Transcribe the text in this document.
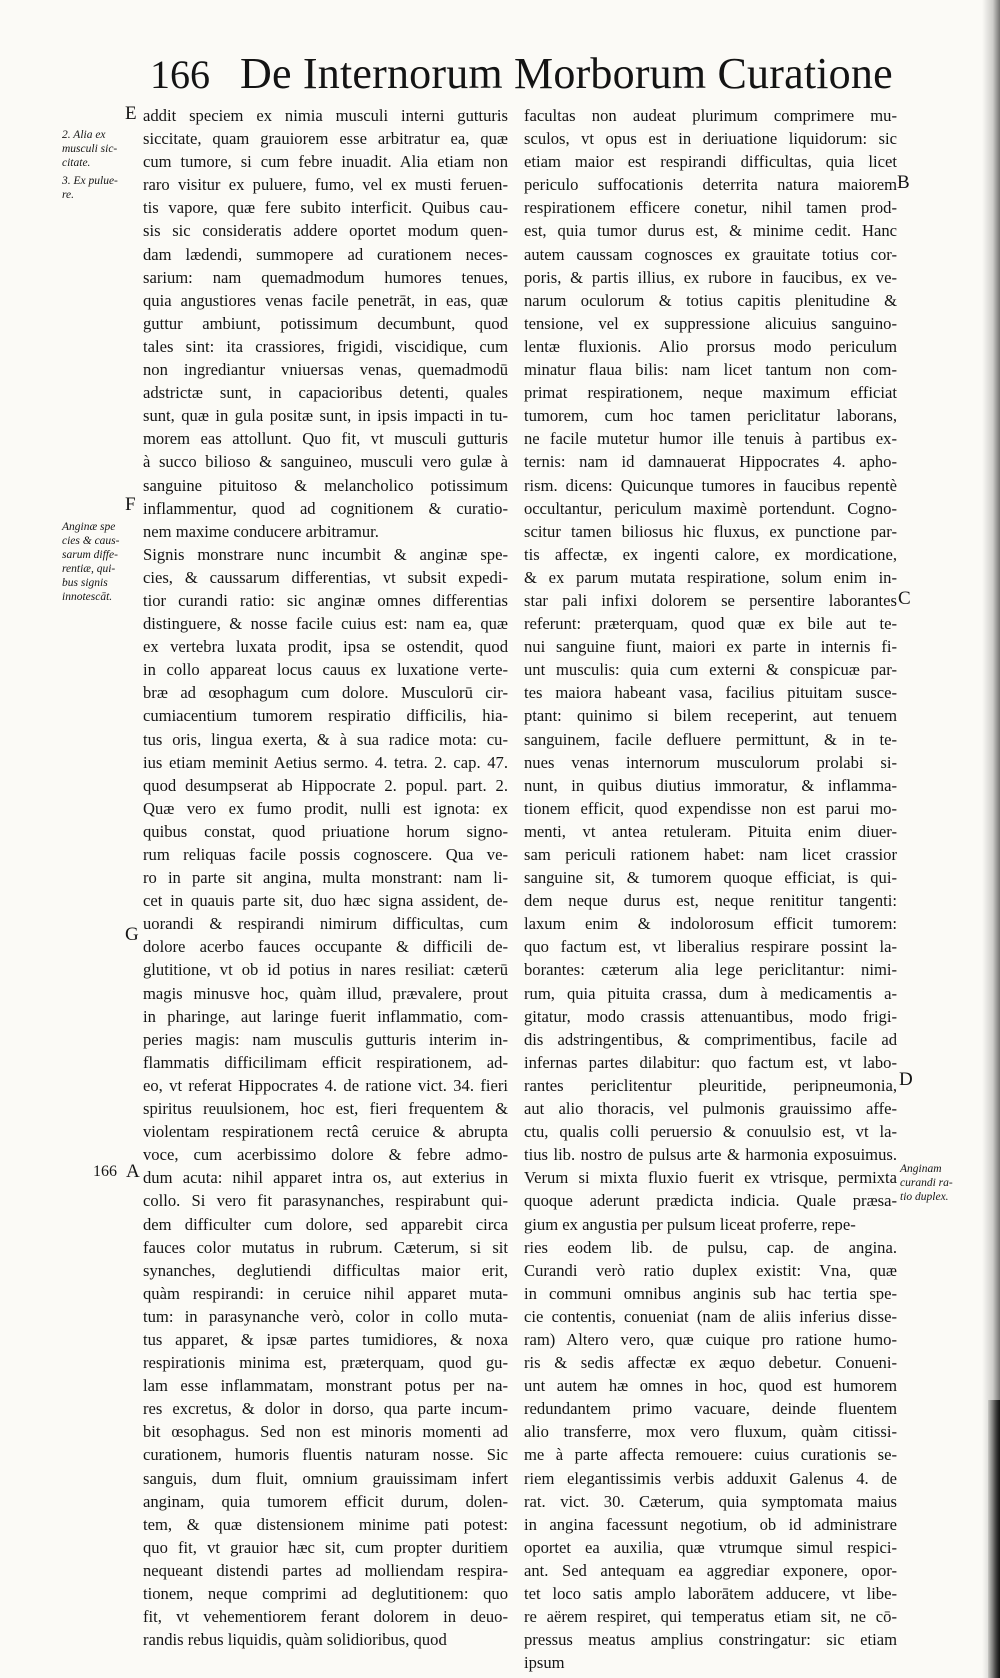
166 De Internorum Morborum Curatione
E
F
G
166 A
B
C
D
2. Alia ex
musculi sic-
citate.
3. Ex pulue-
re.
Anginæ spe
cies & caus-
sarum diffe-
rentiæ, qui-
bus signis
innotescāt.
Anginam
curandi ra-
tio duplex.
addit speciem ex nimia musculi interni gutturis
siccitate, quam grauiorem esse arbitratur ea, quæ
cum tumore, si cum febre inuadit. Alia etiam non
raro visitur ex puluere, fumo, vel ex musti feruen-
tis vapore, quæ fere subito interficit. Quibus cau-
sis sic consideratis addere oportet modum quen-
dam lædendi, summopere ad curationem neces-
sarium: nam quemadmodum humores tenues,
quia angustiores venas facile penetrāt, in eas, quæ
guttur ambiunt, potissimum decumbunt, quod
tales sint: ita crassiores, frigidi, viscidique, cum
non ingrediantur vniuersas venas, quemadmodū
adstrictæ sunt, in capacioribus detenti, quales
sunt, quæ in gula positæ sunt, in ipsis impacti in tu-
morem eas attollunt. Quo fit, vt musculi gutturis
à succo bilioso & sanguineo, musculi vero gulæ à
sanguine pituitoso & melancholico potissimum
inflammentur, quod ad cognitionem & curatio-
nem maxime conducere arbitramur.
Signis monstrare nunc incumbit & anginæ spe-
cies, & caussarum differentias, vt subsit expedi-
tior curandi ratio: sic anginæ omnes differentias
distinguere, & nosse facile cuius est: nam ea, quæ
ex vertebra luxata prodit, ipsa se ostendit, quod
in collo appareat locus cauus ex luxatione verte-
bræ ad œsophagum cum dolore. Musculorū cir-
cumiacentium tumorem respiratio difficilis, hia-
tus oris, lingua exerta, & à sua radice mota: cu-
ius etiam meminit Aetius sermo. 4. tetra. 2. cap. 47.
quod desumpserat ab Hippocrate 2. popul. part. 2.
Quæ vero ex fumo prodit, nulli est ignota: ex
quibus constat, quod priuatione horum signo-
rum reliquas facile possis cognoscere. Qua ve-
ro in parte sit angina, multa monstrant: nam li-
cet in quauis parte sit, duo hæc signa assident, de-
uorandi & respirandi nimirum difficultas, cum
dolore acerbo fauces occupante & difficili de-
glutitione, vt ob id potius in nares resiliat: cæterū
magis minusve hoc, quàm illud, prævalere, prout
in pharinge, aut laringe fuerit inflammatio, com-
peries magis: nam musculis gutturis interim in-
flammatis difficilimam efficit respirationem, ad-
eo, vt referat Hippocrates 4. de ratione vict. 34. fieri
spiritus reuulsionem, hoc est, fieri frequentem &
violentam respirationem rectâ ceruice & abrupta
voce, cum acerbissimo dolore & febre admo-
dum acuta: nihil apparet intra os, aut exterius in
collo. Si vero fit parasynanches, respirabunt qui-
dem difficulter cum dolore, sed apparebit circa
fauces color mutatus in rubrum. Cæterum, si sit
synanches, deglutiendi difficultas maior erit,
quàm respirandi: in ceruice nihil apparet muta-
tum: in parasynanche verò, color in collo muta-
tus apparet, & ipsæ partes tumidiores, & noxa
respirationis minima est, præterquam, quod gu-
lam esse inflammatam, monstrant potus per na-
res excretus, & dolor in dorso, qua parte incum-
bit œsophagus. Sed non est minoris momenti ad
curationem, humoris fluentis naturam nosse. Sic
sanguis, dum fluit, omnium grauissimam infert
anginam, quia tumorem efficit durum, dolen-
tem, & quæ distensionem minime pati potest:
quo fit, vt grauior hæc sit, cum propter duritiem
nequeant distendi partes ad molliendam respira-
tionem, neque comprimi ad deglutitionem: quo
fit, vt vehementiorem ferant dolorem in deuo-
randis rebus liquidis, quàm solidioribus, quod
facultas non audeat plurimum comprimere mu-
sculos, vt opus est in deriuatione liquidorum: sic
etiam maior est respirandi difficultas, quia licet
periculo suffocationis deterrita natura maiorem
respirationem efficere conetur, nihil tamen prod-
est, quia tumor durus est, & minime cedit. Hanc
autem caussam cognosces ex grauitate totius cor-
poris, & partis illius, ex rubore in faucibus, ex ve-
narum oculorum & totius capitis plenitudine &
tensione, vel ex suppressione alicuius sanguino-
lentæ fluxionis. Alio prorsus modo periculum
minatur flaua bilis: nam licet tantum non com-
primat respirationem, neque maximum efficiat
tumorem, cum hoc tamen periclitatur laborans,
ne facile mutetur humor ille tenuis à partibus ex-
ternis: nam id damnauerat Hippocrates 4. apho-
rism. dicens: Quicunque tumores in faucibus repentè
occultantur, periculum maximè portendunt. Cogno-
scitur tamen biliosus hic fluxus, ex punctione par-
tis affectæ, ex ingenti calore, ex mordicatione,
& ex parum mutata respiratione, solum enim in-
star pali infixi dolorem se persentire laborantes
referunt: præterquam, quod quæ ex bile aut te-
nui sanguine fiunt, maiori ex parte in internis fi-
unt musculis: quia cum externi & conspicuæ par-
tes maiora habeant vasa, facilius pituitam susce-
ptant: quinimo si bilem receperint, aut tenuem
sanguinem, facile defluere permittunt, & in te-
nues venas internorum musculorum prolabi si-
nunt, in quibus diutius immoratur, & inflamma-
tionem efficit, quod expendisse non est parui mo-
menti, vt antea retuleram. Pituita enim diuer-
sam periculi rationem habet: nam licet crassior
sanguine sit, & tumorem quoque efficiat, is qui-
dem neque durus est, neque renititur tangenti:
laxum enim & indolorosum efficit tumorem:
quo factum est, vt liberalius respirare possint la-
borantes: cæterum alia lege periclitantur: nimi-
rum, quia pituita crassa, dum à medicamentis a-
gitatur, modo crassis attenuantibus, modo frigi-
dis adstringentibus, & comprimentibus, facile ad
infernas partes dilabitur: quo factum est, vt labo-
rantes periclitentur pleuritide, peripneumonia,
aut alio thoracis, vel pulmonis grauissimo affe-
ctu, qualis colli peruersio & conuulsio est, vt la-
tius lib. nostro de pulsus arte & harmonia exposuimus.
Verum si mixta fluxio fuerit ex vtrisque, permixta
quoque aderunt prædicta indicia. Quale præsa-
gium ex angustia per pulsum liceat proferre, repe-
ries eodem lib. de pulsu, cap. de angina.
Curandi verò ratio duplex existit: Vna, quæ
in communi omnibus anginis sub hac tertia spe-
cie contentis, conueniat (nam de aliis inferius disse-
ram) Altero vero, quæ cuique pro ratione humo-
ris & sedis affectæ ex æquo debetur. Conueni-
unt autem hæ omnes in hoc, quod est humorem
redundantem primo vacuare, deinde fluentem
alio transferre, mox vero fluxum, quàm citissi-
me à parte affecta remouere: cuius curationis se-
riem elegantissimis verbis adduxit Galenus 4. de
rat. vict. 30. Cæterum, quia symptomata maius
in angina facessunt negotium, ob id administrare
oportet ea auxilia, quæ vtrumque simul respici-
ant. Sed antequam ea aggrediar exponere, opor-
tet loco satis amplo laborātem adducere, vt libe-
re aërem respiret, qui temperatus etiam sit, ne cō-
pressus meatus amplius constringatur: sic etiam
ipsum
